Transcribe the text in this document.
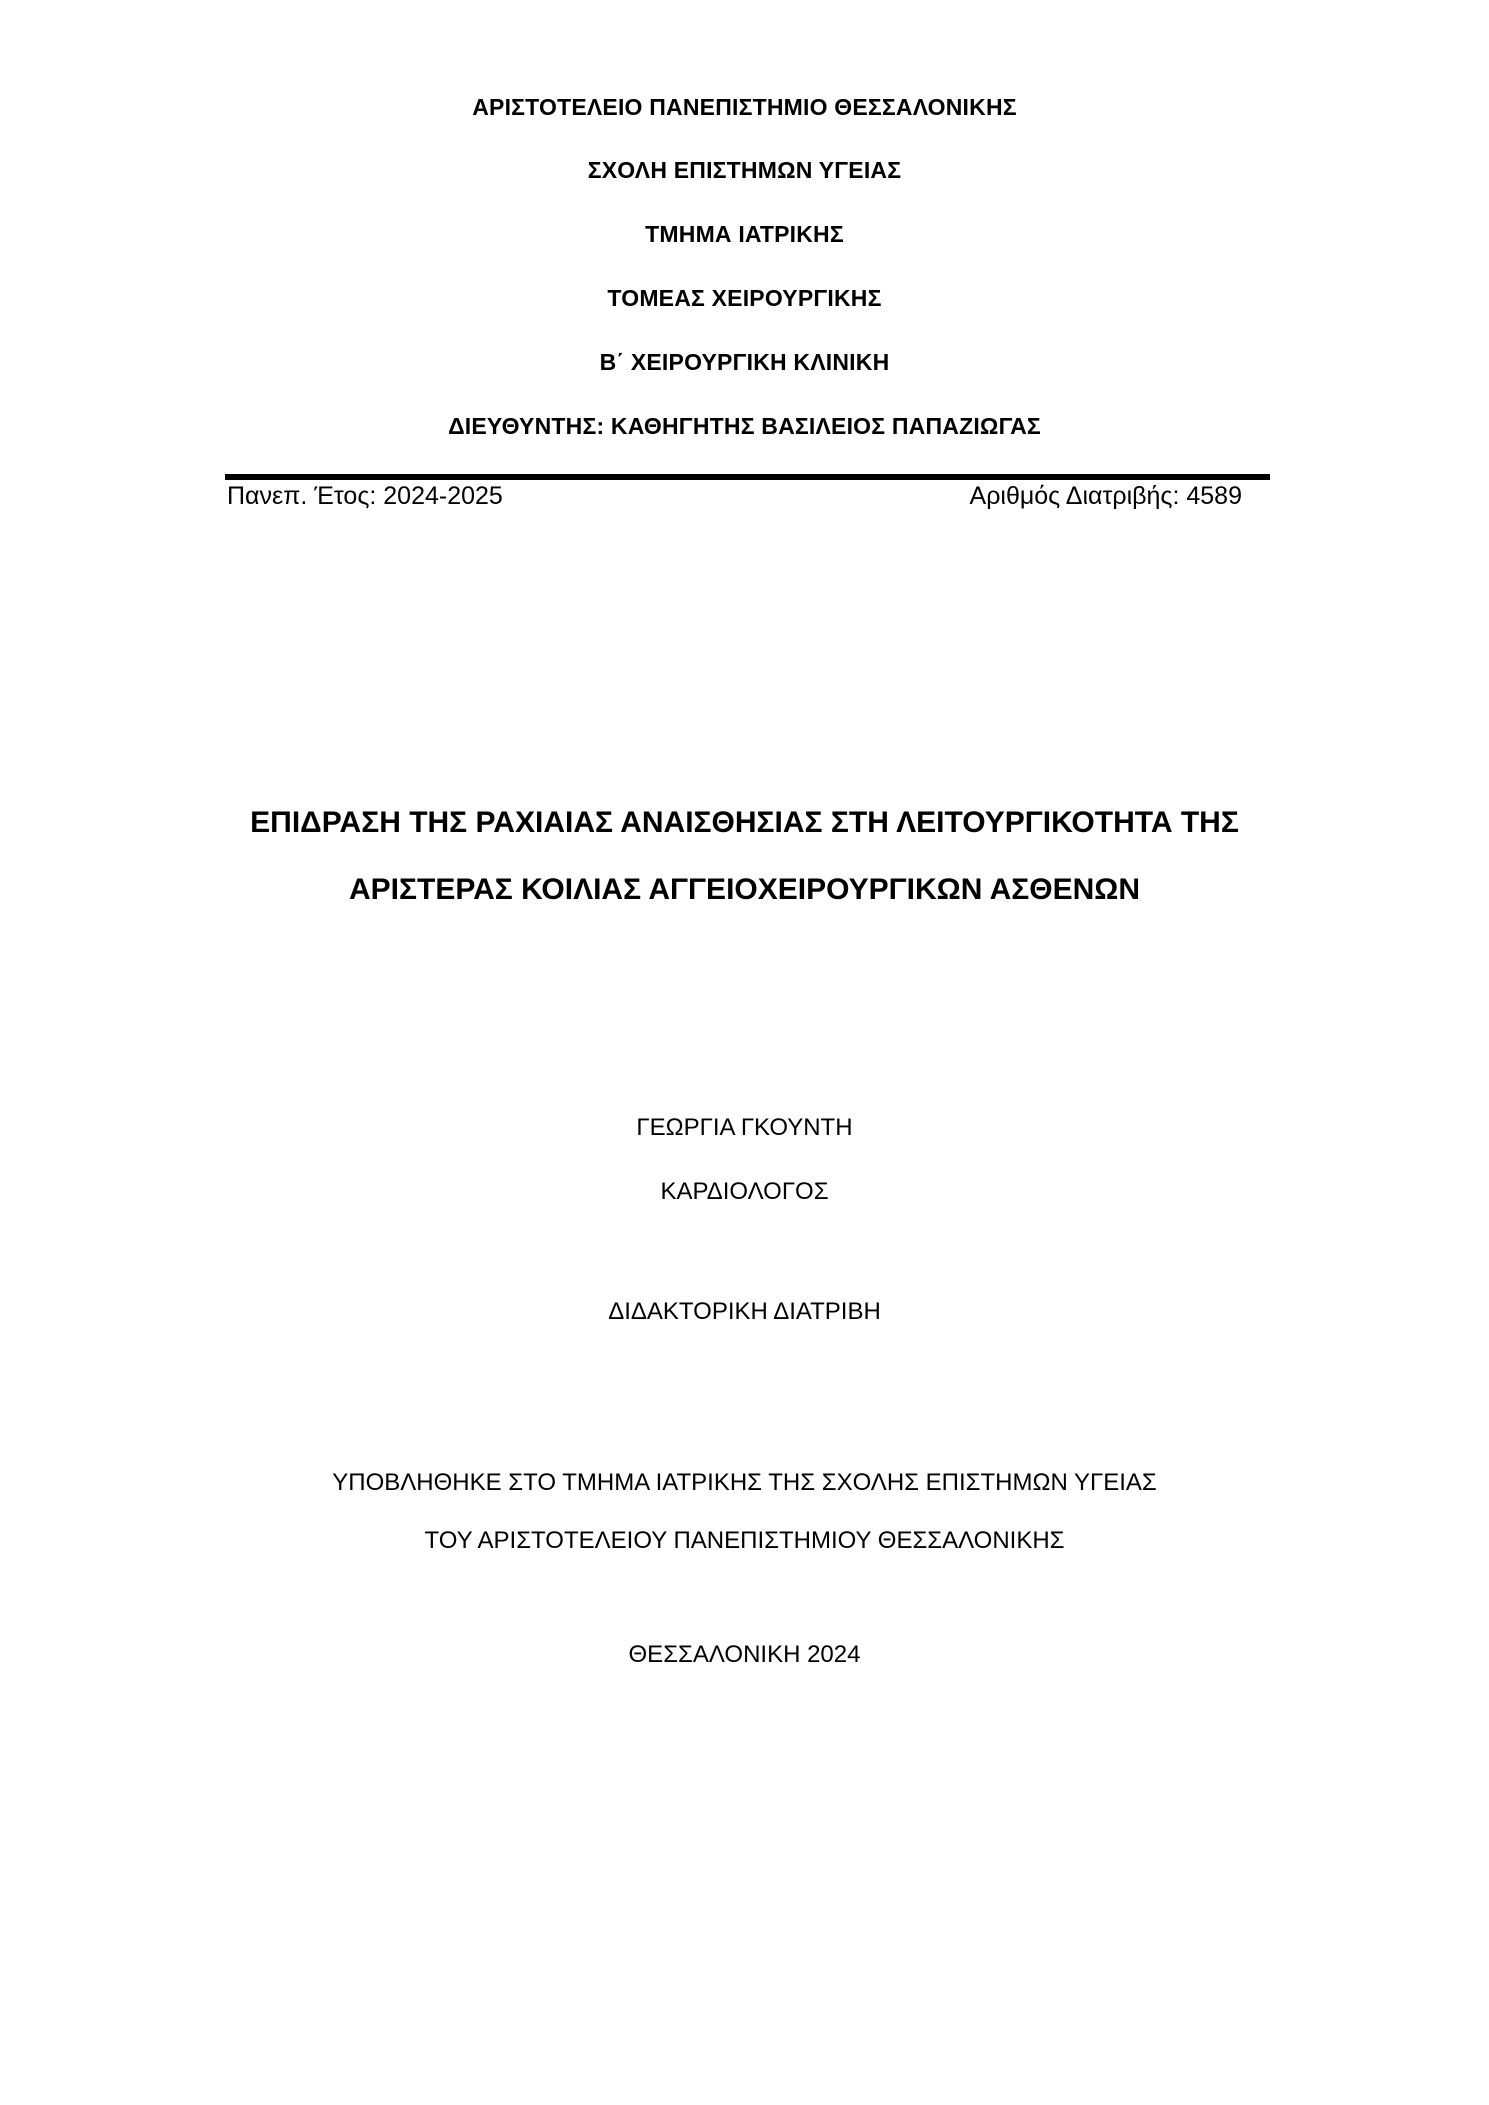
ΑΡΙΣΤΟΤΕΛΕΙΟ ΠΑΝΕΠΙΣΤΗΜΙΟ ΘΕΣΣΑΛΟΝΙΚΗΣ
ΣΧΟΛΗ ΕΠΙΣΤΗΜΩΝ ΥΓΕΙΑΣ
ΤΜΗΜΑ ΙΑΤΡΙΚΗΣ
ΤΟΜΕΑΣ ΧΕΙΡΟΥΡΓΙΚΗΣ
Β΄ ΧΕΙΡΟΥΡΓΙΚΗ ΚΛΙΝΙΚΗ
ΔΙΕΥΘΥΝΤΗΣ: ΚΑΘΗΓΗΤΗΣ ΒΑΣΙΛΕΙΟΣ ΠΑΠΑΖΙΩΓΑΣ
Πανεπ. Έτος: 2024-2025	Αριθμός Διατριβής: 4589
ΕΠΙΔΡΑΣΗ ΤΗΣ ΡΑΧΙΑΙΑΣ ΑΝΑΙΣΘΗΣΙΑΣ ΣΤΗ ΛΕΙΤΟΥΡΓΙΚΟΤΗΤΑ ΤΗΣ
ΑΡΙΣΤΕΡΑΣ ΚΟΙΛΙΑΣ ΑΓΓΕΙΟΧΕΙΡΟΥΡΓΙΚΩΝ ΑΣΘΕΝΩΝ
ΓΕΩΡΓΙΑ ΓΚΟΥΝΤΗ
ΚΑΡΔΙΟΛΟΓΟΣ
ΔΙΔΑΚΤΟΡΙΚΗ ΔΙΑΤΡΙΒΗ
ΥΠΟΒΛΗΘΗΚΕ ΣΤΟ ΤΜΗΜΑ ΙΑΤΡΙΚΗΣ ΤΗΣ ΣΧΟΛΗΣ ΕΠΙΣΤΗΜΩΝ ΥΓΕΙΑΣ
ΤΟΥ ΑΡΙΣΤΟΤΕΛΕΙΟΥ ΠΑΝΕΠΙΣΤΗΜΙΟΥ ΘΕΣΣΑΛΟΝΙΚΗΣ
ΘΕΣΣΑΛΟΝΙΚΗ 2024
